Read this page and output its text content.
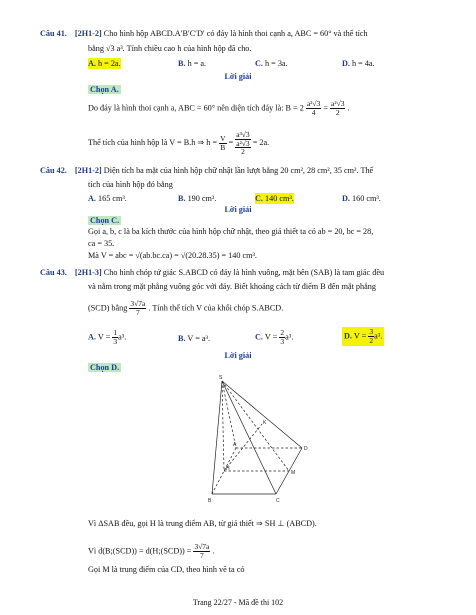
Câu 41. [2H1-2] Cho hình hộp ABCD.A′B′C′D′ có đáy là hình thoi cạnh a, ABC = 60° và thể tích
bằng √3 a³. Tính chiều cao h của hình hộp đã cho.
A. h = 2a.	B. h = a.	C. h = 3a.	D. h = 4a.
Lời giải
Chọn A.
Do đáy là hình thoi cạnh a, ABC = 60° nên diện tích đáy là: $B = 2 \frac{\text{a²√3}}{4} = \frac{\text{a²√3}}{2}$ .
Thể tích của hình hộp là V = B.h ⇒ $h = \frac{V}{B} = a^3√3$
a²√3
2 = 2a.
Câu 42. [2H1-2] Diện tích ba mặt của hình hộp chữ nhật lần lượt bằng 20 cm², 28 cm², 35 cm². Thể
tích của hình hộp đó bằng
A. 165 cm³.	B. 190 cm³.	C. 140 cm³.	D. 160 cm³.
Lời giải
Chọn C.
Gọi a, b, c là ba kích thước của hình hộp chữ nhật, theo giả thiết ta có ab = 20, bc = 28,
ca = 35.
Mà V = abc = √(ab.bc.ca) = √(20.28.35) = 140 cm³.
Câu 43. [2H1-3] Cho hình chóp tứ giác S.ABCD có đáy là hình vuông, mặt bên (SAB) là tam giác đều
và nằm trong mặt phẳng vuông góc với đáy. Biết khoảng cách từ điểm B đến mặt phẳng
(SCD) bằng $\frac{3√7a}{7}$ . Tính thể tích V của khối chóp S.ABCD.
A. $V = \frac{1}{3} a^3$.	B. V = a³.	C. $V = \frac{2}{3} a^3$.	D. $V = \frac{3}{2} a^3$.
Lời giải
Chọn D.
S
A
D
H
K
M
B	C
Vì ΔSAB đều, gọi H là trung điểm AB, từ giả thiết ⇒ SH ⊥ (ABCD).
Vì d(B;(SCD)) = d(H;(SCD)) = $\frac{3√7a}{7}$ .
Gọi M là trung điểm của CD, theo hình vẽ ta có
Trang 22/27 - Mã đề thi 102
